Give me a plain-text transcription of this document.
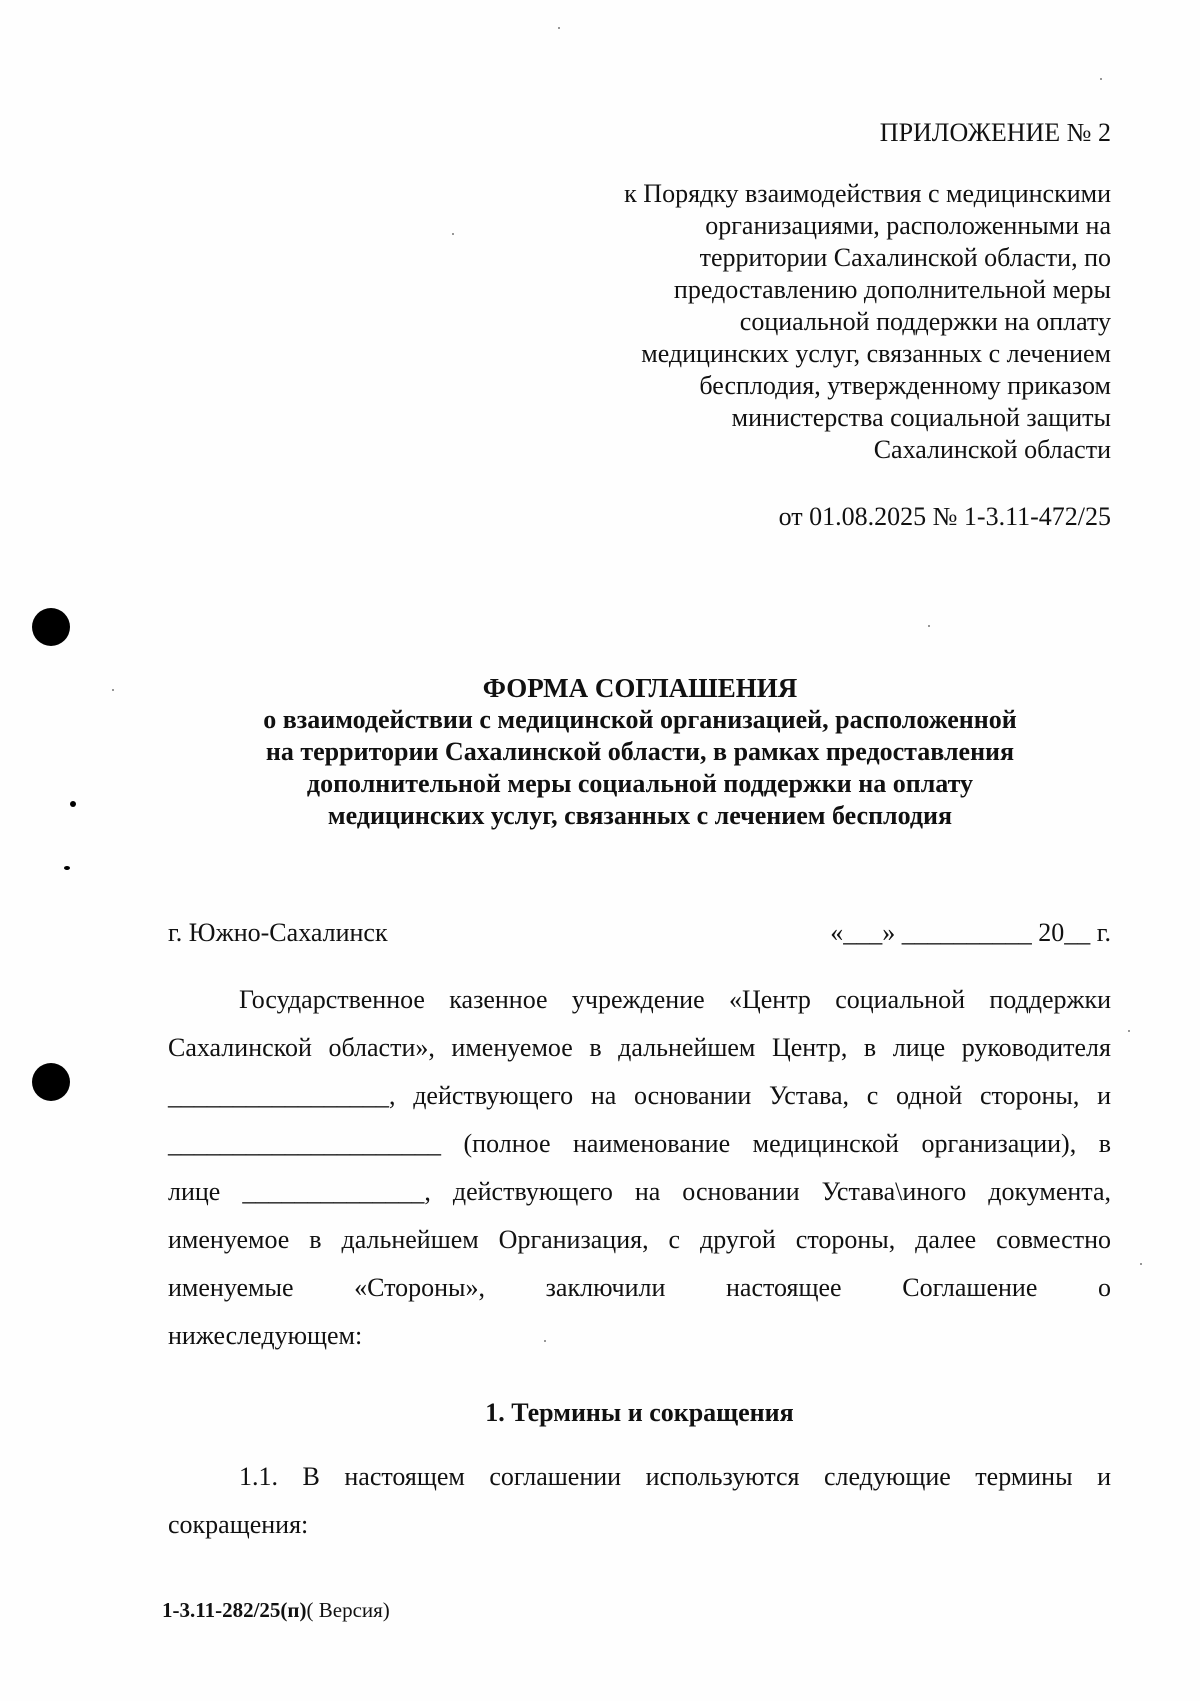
ПРИЛОЖЕНИЕ № 2
к Порядку взаимодействия с медицинскими
организациями, расположенными на
территории Сахалинской области, по
предоставлению дополнительной меры
социальной поддержки на оплату
медицинских услуг, связанных с лечением
бесплодия, утвержденному приказом
министерства социальной защиты
Сахалинской области
от 01.08.2025 № 1-3.11-472/25
ФОРМА СОГЛАШЕНИЯ
о взаимодействии с медицинской организацией, расположенной
на территории Сахалинской области, в рамках предоставления
дополнительной меры социальной поддержки на оплату
медицинских услуг, связанных с лечением бесплодия
г. Южно-Сахалинск	«___» __________ 20__ г.
Государственное казенное учреждение «Центр социальной поддержки
Сахалинской области», именуемое в дальнейшем Центр, в лице руководителя
_________________, действующего на основании Устава, с одной стороны, и
_____________________ (полное наименование медицинской организации), в
лице ______________, действующего на основании Устава\иного документа,
именуемое в дальнейшем Организация, с другой стороны, далее совместно
именуемые «Стороны», заключили настоящее Соглашение о
нижеследующем:
1. Термины и сокращения
1.1. В настоящем соглашении используются следующие термины и
сокращения:
1-3.11-282/25(п)( Версия)
